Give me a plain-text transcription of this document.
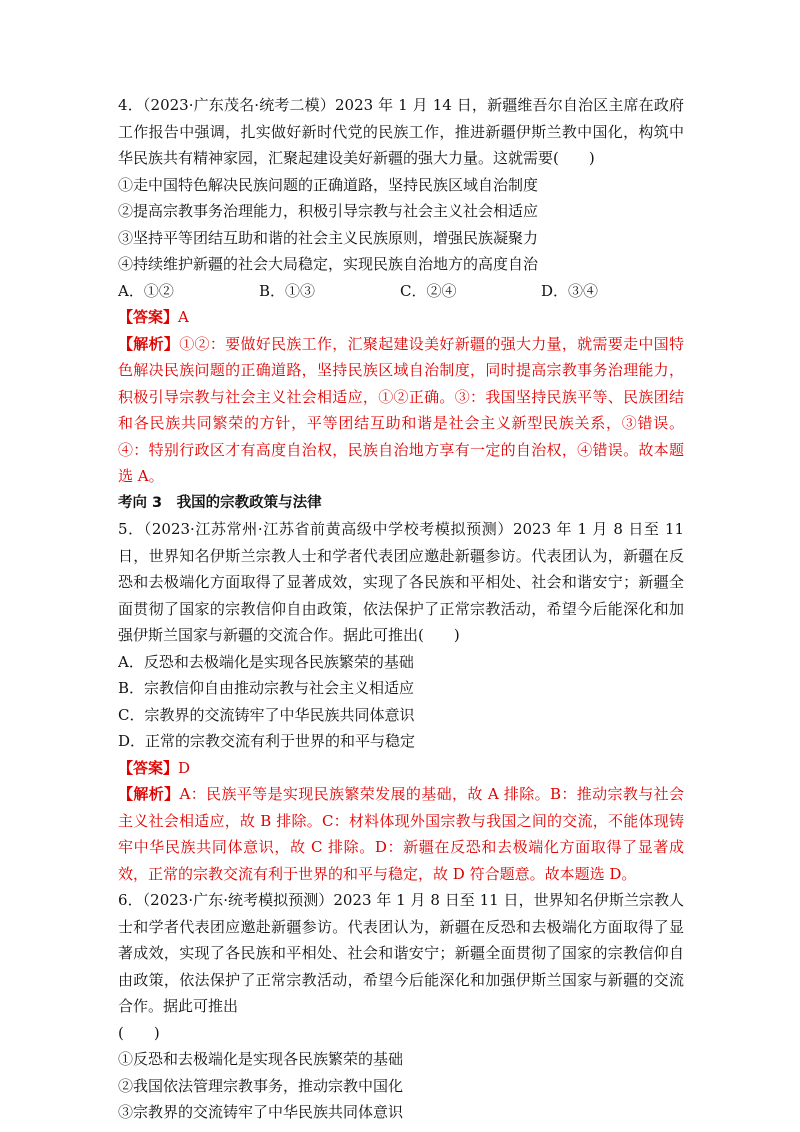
4．（2023·广东茂名·统考二模）2023 年 1 月 14 日，新疆维吾尔自治区主席在政府工作报告中强调，扎实做好新时代党的民族工作，推进新疆伊斯兰教中国化，构筑中华民族共有精神家园，汇聚起建设美好新疆的强大力量。这就需要(　　)

①走中国特色解决民族问题的正确道路，坚持民族区域自治制度

②提高宗教事务治理能力，积极引导宗教与社会主义社会相适应

③坚持平等团结互助和谐的社会主义民族原则，增强民族凝聚力

④持续维护新疆的社会大局稳定，实现民族自治地方的高度自治

A．①②	B．①③	C．②④	D．③④

【答案】A

【解析】①②：要做好民族工作，汇聚起建设美好新疆的强大力量，就需要走中国特色解决民族问题的正确道路，坚持民族区域自治制度，同时提高宗教事务治理能力，积极引导宗教与社会主义社会相适应，①②正确。③：我国坚持民族平等、民族团结和各民族共同繁荣的方针，平等团结互助和谐是社会主义新型民族关系，③错误。④：特别行政区才有高度自治权，民族自治地方享有一定的自治权，④错误。故本题选 A。

考向 3　我国的宗教政策与法律

5．（2023·江苏常州·江苏省前黄高级中学校考模拟预测）2023 年 1 月 8 日至 11 日，世界知名伊斯兰宗教人士和学者代表团应邀赴新疆参访。代表团认为，新疆在反恐和去极端化方面取得了显著成效，实现了各民族和平相处、社会和谐安宁；新疆全面贯彻了国家的宗教信仰自由政策，依法保护了正常宗教活动，希望今后能深化和加强伊斯兰国家与新疆的交流合作。据此可推出(　　)

A．反恐和去极端化是实现各民族繁荣的基础

B．宗教信仰自由推动宗教与社会主义相适应

C．宗教界的交流铸牢了中华民族共同体意识

D．正常的宗教交流有利于世界的和平与稳定

【答案】D

【解析】A：民族平等是实现民族繁荣发展的基础，故 A 排除。B：推动宗教与社会主义社会相适应，故 B 排除。C：材料体现外国宗教与我国之间的交流，不能体现铸牢中华民族共同体意识，故 C 排除。D：新疆在反恐和去极端化方面取得了显著成效，正常的宗教交流有利于世界的和平与稳定，故 D 符合题意。故本题选 D。

6．（2023·广东·统考模拟预测）2023 年 1 月 8 日至 11 日，世界知名伊斯兰宗教人士和学者代表团应邀赴新疆参访。代表团认为，新疆在反恐和去极端化方面取得了显著成效，实现了各民族和平相处、社会和谐安宁；新疆全面贯彻了国家的宗教信仰自由政策，依法保护了正常宗教活动，希望今后能深化和加强伊斯兰国家与新疆的交流合作。据此可推出

(　　)

①反恐和去极端化是实现各民族繁荣的基础

②我国依法管理宗教事务，推动宗教中国化

③宗教界的交流铸牢了中华民族共同体意识
